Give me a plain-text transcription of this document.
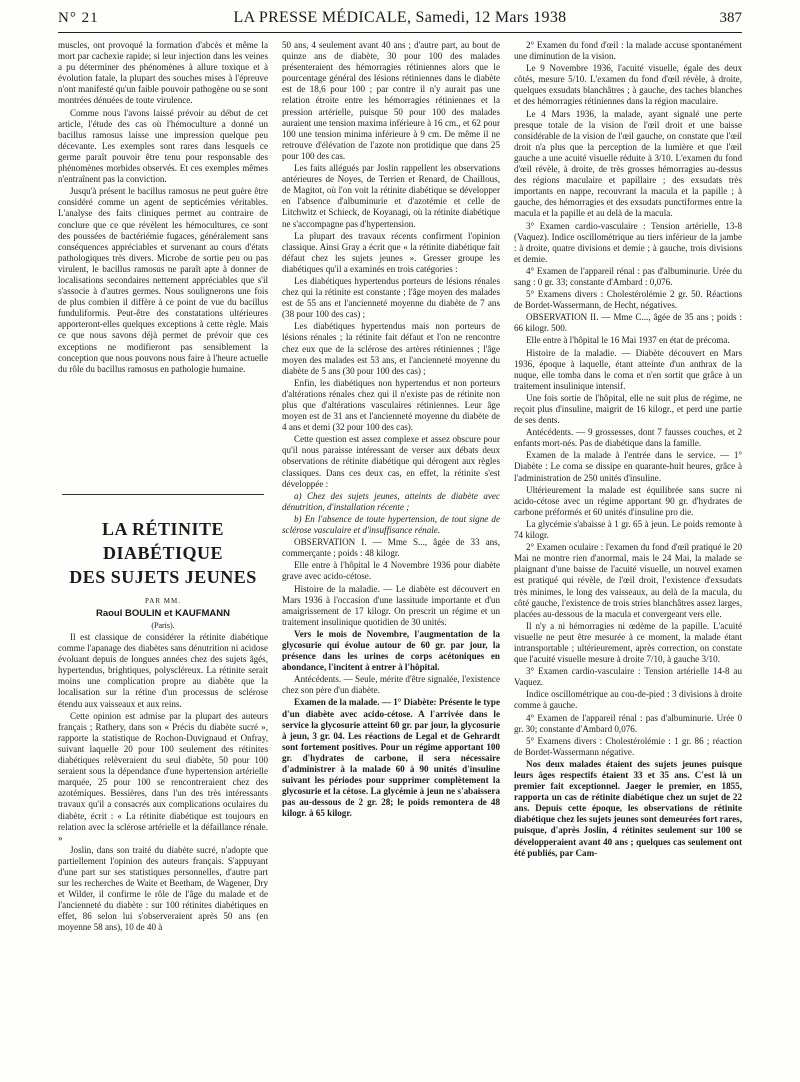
N° 21	LA PRESSE MÉDICALE, Samedi, 12 Mars 1938	387

muscles, ont provoqué la formation d'abcès et même la mort par cachexie rapide; si leur injection dans les veines a pu déterminer des phénomènes à allure toxique et à évolution fatale, la plupart des souches mises à l'épreuve n'ont manifesté qu'un faible pouvoir pathogène ou se sont montrées dénuées de toute virulence.

Comme nous l'avons laissé prévoir au début de cet article, l'étude des cas où l'hémoculture a donné un bacillus ramosus laisse une impression quelque peu décevante. Les exemples sont rares dans lesquels ce germe paraît pouvoir être tenu pour responsable des phénomènes morbides observés. Et ces exemples mêmes n'entraînent pas la conviction.

Jusqu'à présent le bacillus ramosus ne peut guère être considéré comme un agent de septicémies véritables. L'analyse des faits cliniques permet au contraire de conclure que ce que révèlent les hémocultures, ce sont des poussées de bactériémie fugaces, généralement sans conséquences appréciables et survenant au cours d'états pathologiques très divers. Microbe de sortie peu ou pas virulent, le bacillus ramosus ne paraît apte à donner de localisations secondaires nettement appréciables que s'il s'associe à d'autres germes. Nous soulignerons une fois de plus combien il diffère à ce point de vue du bacillus funduliformis. Peut-être des constatations ultérieures apporteront-elles quelques exceptions à cette règle. Mais ce que nous savons déjà permet de prévoir que ces exceptions ne modifieront pas sensiblement la conception que nous pouvons nous faire à l'heure actuelle du rôle du bacillus ramosus en pathologie humaine.

LA RÉTINITE DIABÉTIQUE
DES SUJETS JEUNES
PAR MM.
Raoul BOULIN et KAUFMANN
(Paris).

Il est classique de considérer la rétinite diabétique comme l'apanage des diabètes sans dénutrition ni acidose évoluant depuis de longues années chez des sujets âgés, hypertendus, brightiques, polyscléreux. La rétinite serait moins une complication propre au diabète que la localisation sur la rétine d'un processus de sclérose étendu aux vaisseaux et aux reins.

Cette opinion est admise par la plupart des auteurs français ; Rathery, dans son « Précis du diabète sucré », rapporte la statistique de Rochon-Duvignaud et Onfray, suivant laquelle 20 pour 100 seulement des rétinites diabétiques relèveraient du seul diabète, 50 pour 100 seraient sous la dépendance d'une hypertension artérielle marquée, 25 pour 100 se rencontreraient chez des azotémiques. Bessières, dans l'un des très intéressants travaux qu'il a consacrés aux complications oculaires du diabète, écrit : « La rétinite diabétique est toujours en relation avec la sclérose artérielle et la défaillance rénale. »

Joslin, dans son traité du diabète sucré, n'adopte que partiellement l'opinion des auteurs français. S'appuyant d'une part sur ses statistiques personnelles, d'autre part sur les recherches de Waite et Beetham, de Wagener, Dry et Wilder, il confirme le rôle de l'âge du malade et de l'ancienneté du diabète : sur 100 rétinites diabétiques en effet, 86 selon lui s'observeraient après 50 ans (en moyenne 58 ans), 10 de 40 à

50 ans, 4 seulement avant 40 ans ; d'autre part, au bout de quinze ans de diabète, 30 pour 100 des malades présenteraient des hémorragies rétiniennes alors que le pourcentage général des lésions rétiniennes dans le diabète est de 18,6 pour 100 ; par contre il n'y aurait pas une relation étroite entre les hémorragies rétiniennes et la pression artérielle, puisque 50 pour 100 des malades auraient une tension maxima inférieure à 16 cm., et 62 pour 100 une tension minima inférieure à 9 cm. De même il ne retrouve d'élévation de l'azote non protidique que dans 25 pour 100 des cas.

Les faits allégués par Joslin rappellent les observations antérieures de Noyes, de Terrien et Renard, de Chaillous, de Magitot, où l'on voit la rétinite diabétique se développer en l'absence d'albuminurie et d'azotémie et celle de Litchwitz et Schieck, de Koyanagi, où la rétinite diabétique ne s'accompagne pas d'hypertension.

La plupart des travaux récents confirment l'opinion classique. Ainsi Gray a écrit que « la rétinite diabétique fait défaut chez les sujets jeunes ». Gresser groupe les diabétiques qu'il a examinés en trois catégories :

Les diabétiques hypertendus porteurs de lésions rénales chez qui la rétinite est constante ; l'âge moyen des malades est de 55 ans et l'ancienneté moyenne du diabète de 7 ans (38 pour 100 des cas) ;

Les diabétiques hypertendus mais non porteurs de lésions rénales ; la rétinite fait défaut et l'on ne rencontre chez eux que de la sclérose des artères rétiniennes ; l'âge moyen des malades est 53 ans, et l'ancienneté moyenne du diabète de 5 ans (30 pour 100 des cas) ;

Enfin, les diabétiques non hypertendus et non porteurs d'altérations rénales chez qui il n'existe pas de rétinite non plus que d'altérations vasculaires rétiniennes. Leur âge moyen est de 31 ans et l'ancienneté moyenne du diabète de 4 ans et demi (32 pour 100 des cas).

Cette question est assez complexe et assez obscure pour qu'il nous paraisse intéressant de verser aux débats deux observations de rétinite diabétique qui dérogent aux règles classiques. Dans ces deux cas, en effet, la rétinite s'est développée :

a) Chez des sujets jeunes, atteints de diabète avec dénutrition, d'installation récente ;

b) En l'absence de toute hypertension, de tout signe de sclérose vasculaire et d'insuffisance rénale.

OBSERVATION I. — Mme S..., âgée de 33 ans, commerçante ; poids : 48 kilogr.

Elle entre à l'hôpital le 4 Novembre 1936 pour diabète grave avec acido-cétose.

Histoire de la maladie. — Le diabète est découvert en Mars 1936 à l'occasion d'une lassitude importante et d'un amaigrissement de 17 kilogr. On prescrit un régime et un traitement insulinique quotidien de 30 unités.

Vers le mois de Novembre, l'augmentation de la glycosurie qui évolue autour de 60 gr. par jour, la présence dans les urines de corps acétoniques en abondance, l'incitent à entrer à l'hôpital.

Antécédents. — Seule, mérite d'être signalée, l'existence chez son père d'un diabète.

Examen de la malade. — 1° Diabète: Présente le type d'un diabète avec acido-cétose. A l'arrivée dans le service la glycosurie atteint 60 gr. par jour, la glycosurie à jeun, 3 gr. 04. Les réactions de Legal et de Gehrardt sont fortement positives. Pour un régime apportant 100 gr. d'hydrates de carbone, il sera nécessaire d'administrer à la malade 60 à 90 unités d'insuline suivant les périodes pour supprimer complètement la glycosurie et la cétose. La glycémie à jeun ne s'abaissera pas au-dessous de 2 gr. 28; le poids remontera de 48 kilogr. à 65 kilogr.

2° Examen du fond d'œil : la malade accuse spontanément une diminution de la vision.

Le 9 Novembre 1936, l'acuité visuelle, égale des deux côtés, mesure 5/10. L'examen du fond d'œil révèle, à droite, quelques exsudats blanchâtres ; à gauche, des taches blanches et des hémorragies rétiniennes dans la région maculaire.

Le 4 Mars 1936, la malade, ayant signalé une perte presque totale de la vision de l'œil droit et une baisse considérable de la vision de l'œil gauche, on constate que l'œil droit n'a plus que la perception de la lumière et que l'œil gauche a une acuité visuelle réduite à 3/10. L'examen du fond d'œil révèle, à droite, de très grosses hémorragies au-dessus des régions maculaire et papillaire ; des exsudats très importants en nappe, recouvrant la macula et la papille ; à gauche, des hémorragies et des exsudats punctiformes entre la macula et la papille et au delà de la macula.

3° Examen cardio-vasculaire : Tension artérielle, 13-8 (Vaquez). Indice oscillométrique au tiers inférieur de la jambe : à droite, quatre divisions et demie ; à gauche, trois divisions et demie.

4° Examen de l'appareil rénal : pas d'albuminurie. Urée du sang : 0 gr. 33; constante d'Ambard : 0,076.

5° Examens divers : Cholestérolémie 2 gr. 50. Réactions de Bordet-Wassermann, de Hecht, négatives.

OBSERVATION II. — Mme C..., âgée de 35 ans ; poids : 66 kilogr. 500.

Elle entre à l'hôpital le 16 Mai 1937 en état de précoma.

Histoire de la maladie. — Diabète découvert en Mars 1936, époque à laquelle, étant atteinte d'un anthrax de la nuque, elle tomba dans le coma et n'en sortit que grâce à un traitement insulinique intensif.

Une fois sortie de l'hôpital, elle ne suit plus de régime, ne reçoit plus d'insuline, maigrit de 16 kilogr., et perd une partie de ses dents.

Antécédents. — 9 grossesses, dont 7 fausses couches, et 2 enfants mort-nés. Pas de diabétique dans la famille.

Examen de la malade à l'entrée dans le service. — 1° Diabète : Le coma se dissipe en quarante-huit heures, grâce à l'administration de 250 unités d'insuline.

Ultérieurement la malade est équilibrée sans sucre ni acido-cétose avec un régime apportant 90 gr. d'hydrates de carbone préformés et 60 unités d'insuline pro die.

La glycémie s'abaisse à 1 gr. 65 à jeun. Le poids remonte à 74 kilogr.

2° Examen oculaire : l'examen du fond d'œil pratiqué le 20 Mai ne montre rien d'anormal, mais le 24 Mai, la malade se plaignant d'une baisse de l'acuité visuelle, un nouvel examen est pratiqué qui révèle, de l'œil droit, l'existence d'exsudats très minimes, le long des vaisseaux, au delà de la macula, du côté gauche, l'existence de trois stries blanchâtres assez larges, placées au-dessous de la macula et convergeant vers elle.

Il n'y a ni hémorragies ni œdème de la papille. L'acuité visuelle ne peut être mesurée à ce moment, la malade étant intransportable ; ultérieurement, après correction, on constate que l'acuité visuelle mesure à droite 7/10, à gauche 3/10.

3° Examen cardio-vasculaire : Tension artérielle 14-8 au Vaquez.

Indice oscillométrique au cou-de-pied : 3 divisions à droite comme à gauche.

4° Examen de l'appareil rénal : pas d'albuminurie. Urée 0 gr. 30; constante d'Ambard 0,076.

5° Examens divers : Cholestérolémie : 1 gr. 86 ; réaction de Bordet-Wassermann négative.

Nos deux malades étaient des sujets jeunes puisque leurs âges respectifs étaient 33 et 35 ans. C'est là un premier fait exceptionnel. Jaeger le premier, en 1855, rapporta un cas de rétinite diabétique chez un sujet de 22 ans. Depuis cette époque, les observations de rétinite diabétique chez les sujets jeunes sont demeurées fort rares, puisque, d'après Joslin, 4 rétinites seulement sur 100 se développeraient avant 40 ans ; quelques cas seulement ont été publiés, par Cam-
